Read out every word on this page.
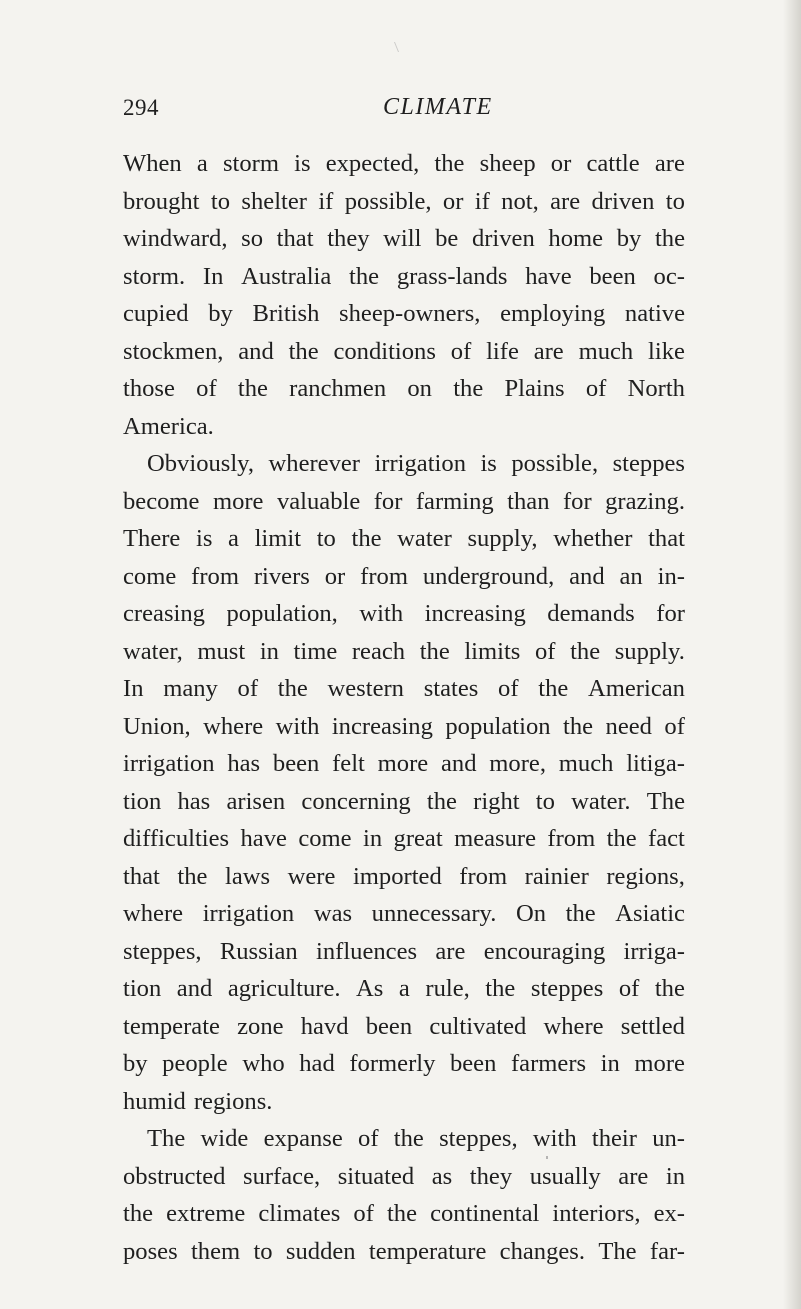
294	CLIMATE
When a storm is expected, the sheep or cattle are
brought to shelter if possible, or if not, are driven to
windward, so that they will be driven home by the
storm. In Australia the grass-lands have been oc-
cupied by British sheep-owners, employing native
stockmen, and the conditions of life are much like
those of the ranchmen on the Plains of North
America.
Obviously, wherever irrigation is possible, steppes
become more valuable for farming than for grazing.
There is a limit to the water supply, whether that
come from rivers or from underground, and an in-
creasing population, with increasing demands for
water, must in time reach the limits of the supply.
In many of the western states of the American
Union, where with increasing population the need of
irrigation has been felt more and more, much litiga-
tion has arisen concerning the right to water. The
difficulties have come in great measure from the fact
that the laws were imported from rainier regions,
where irrigation was unnecessary. On the Asiatic
steppes, Russian influences are encouraging irriga-
tion and agriculture. As a rule, the steppes of the
temperate zone havd been cultivated where settled
by people who had formerly been farmers in more
humid regions.
The wide expanse of the steppes, with their un-
obstructed surface, situated as they usually are in
the extreme climates of the continental interiors, ex-
poses them to sudden temperature changes. The far-
